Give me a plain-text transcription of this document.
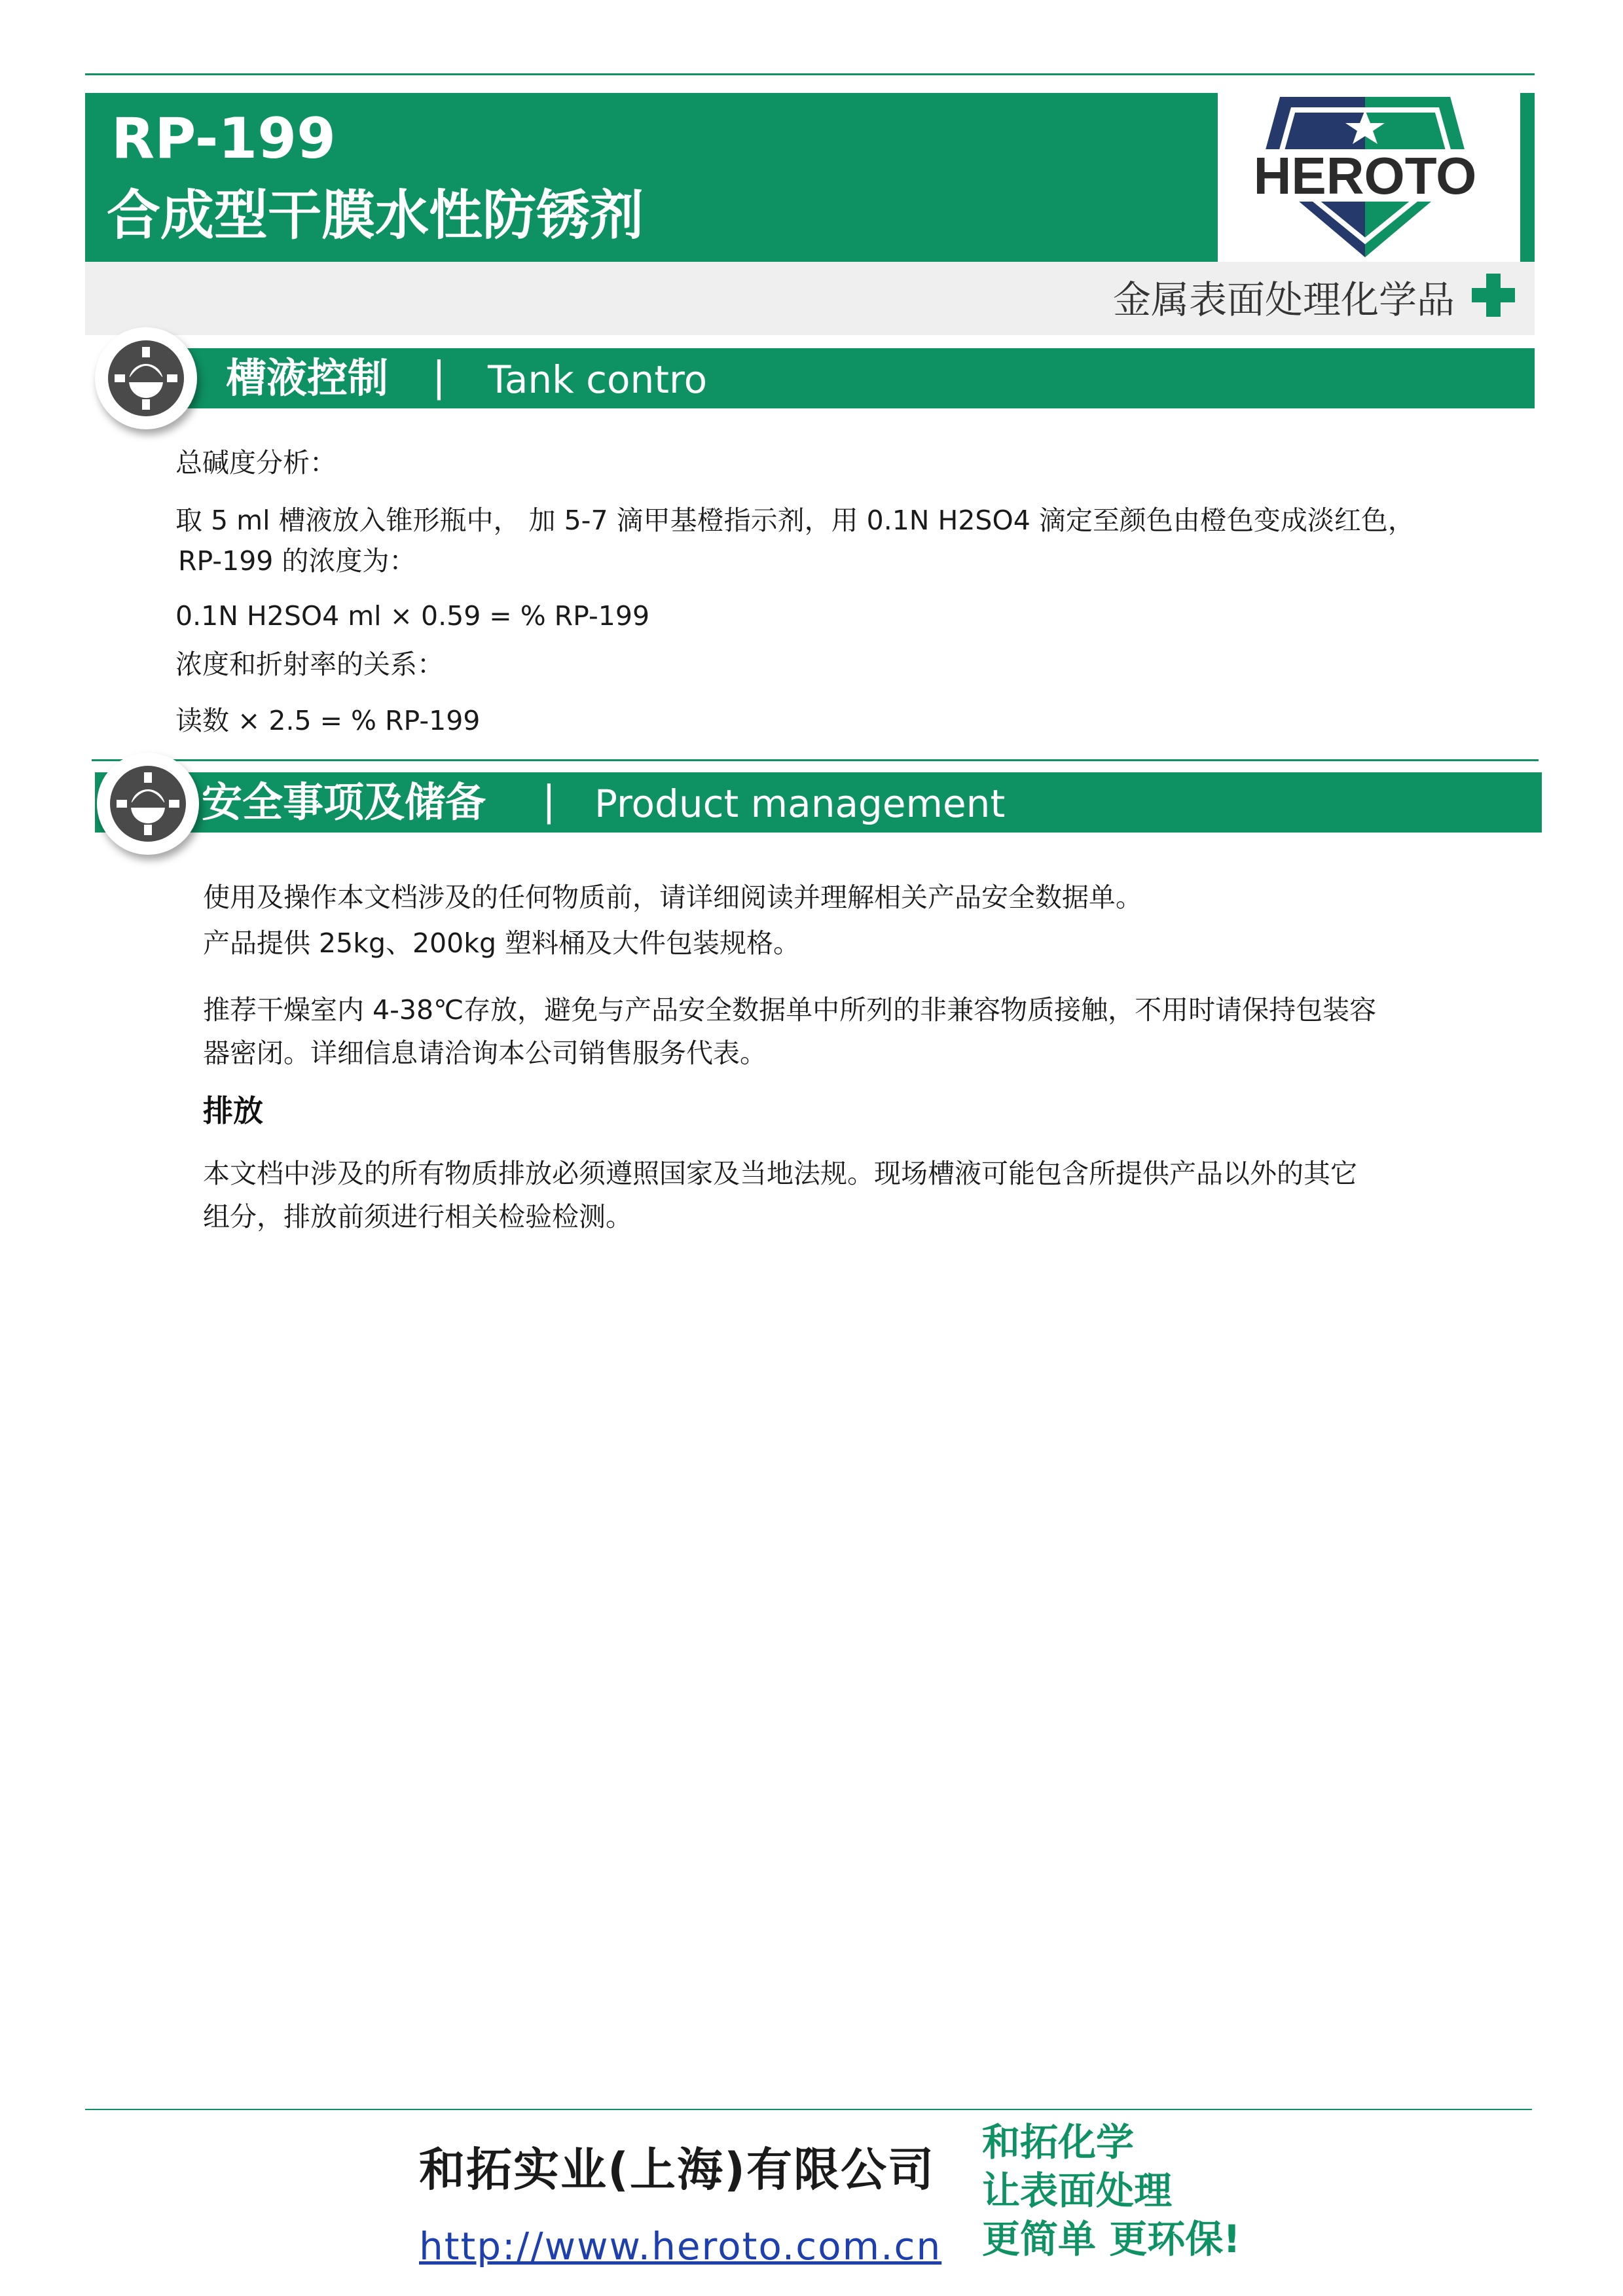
RP-199
合成型干膜水性防锈剂
HEROTO
金属表面处理化学品
槽液控制 | Tank contro
总碱度分析：
取 5 ml 槽液放入锥形瓶中， 加 5-7 滴甲基橙指示剂，用 0.1N H2SO4 滴定至颜色由橙色变成淡红色，
RP-199 的浓度为：
0.1N H2SO4 ml × 0.59 = % RP-199
浓度和折射率的关系：
读数 × 2.5 = % RP-199
安全事项及储备 | Product management
使用及操作本文档涉及的任何物质前，请详细阅读并理解相关产品安全数据单。
产品提供 25kg、200kg 塑料桶及大件包装规格。
推荐干燥室内 4-38℃存放，避免与产品安全数据单中所列的非兼容物质接触，不用时请保持包装容
器密闭。详细信息请洽询本公司销售服务代表。
排放
本文档中涉及的所有物质排放必须遵照国家及当地法规。现场槽液可能包含所提供产品以外的其它
组分，排放前须进行相关检验检测。
和拓实业(上海)有限公司
http://www.heroto.com.cn
和拓化学
让表面处理
更简单 更环保!
